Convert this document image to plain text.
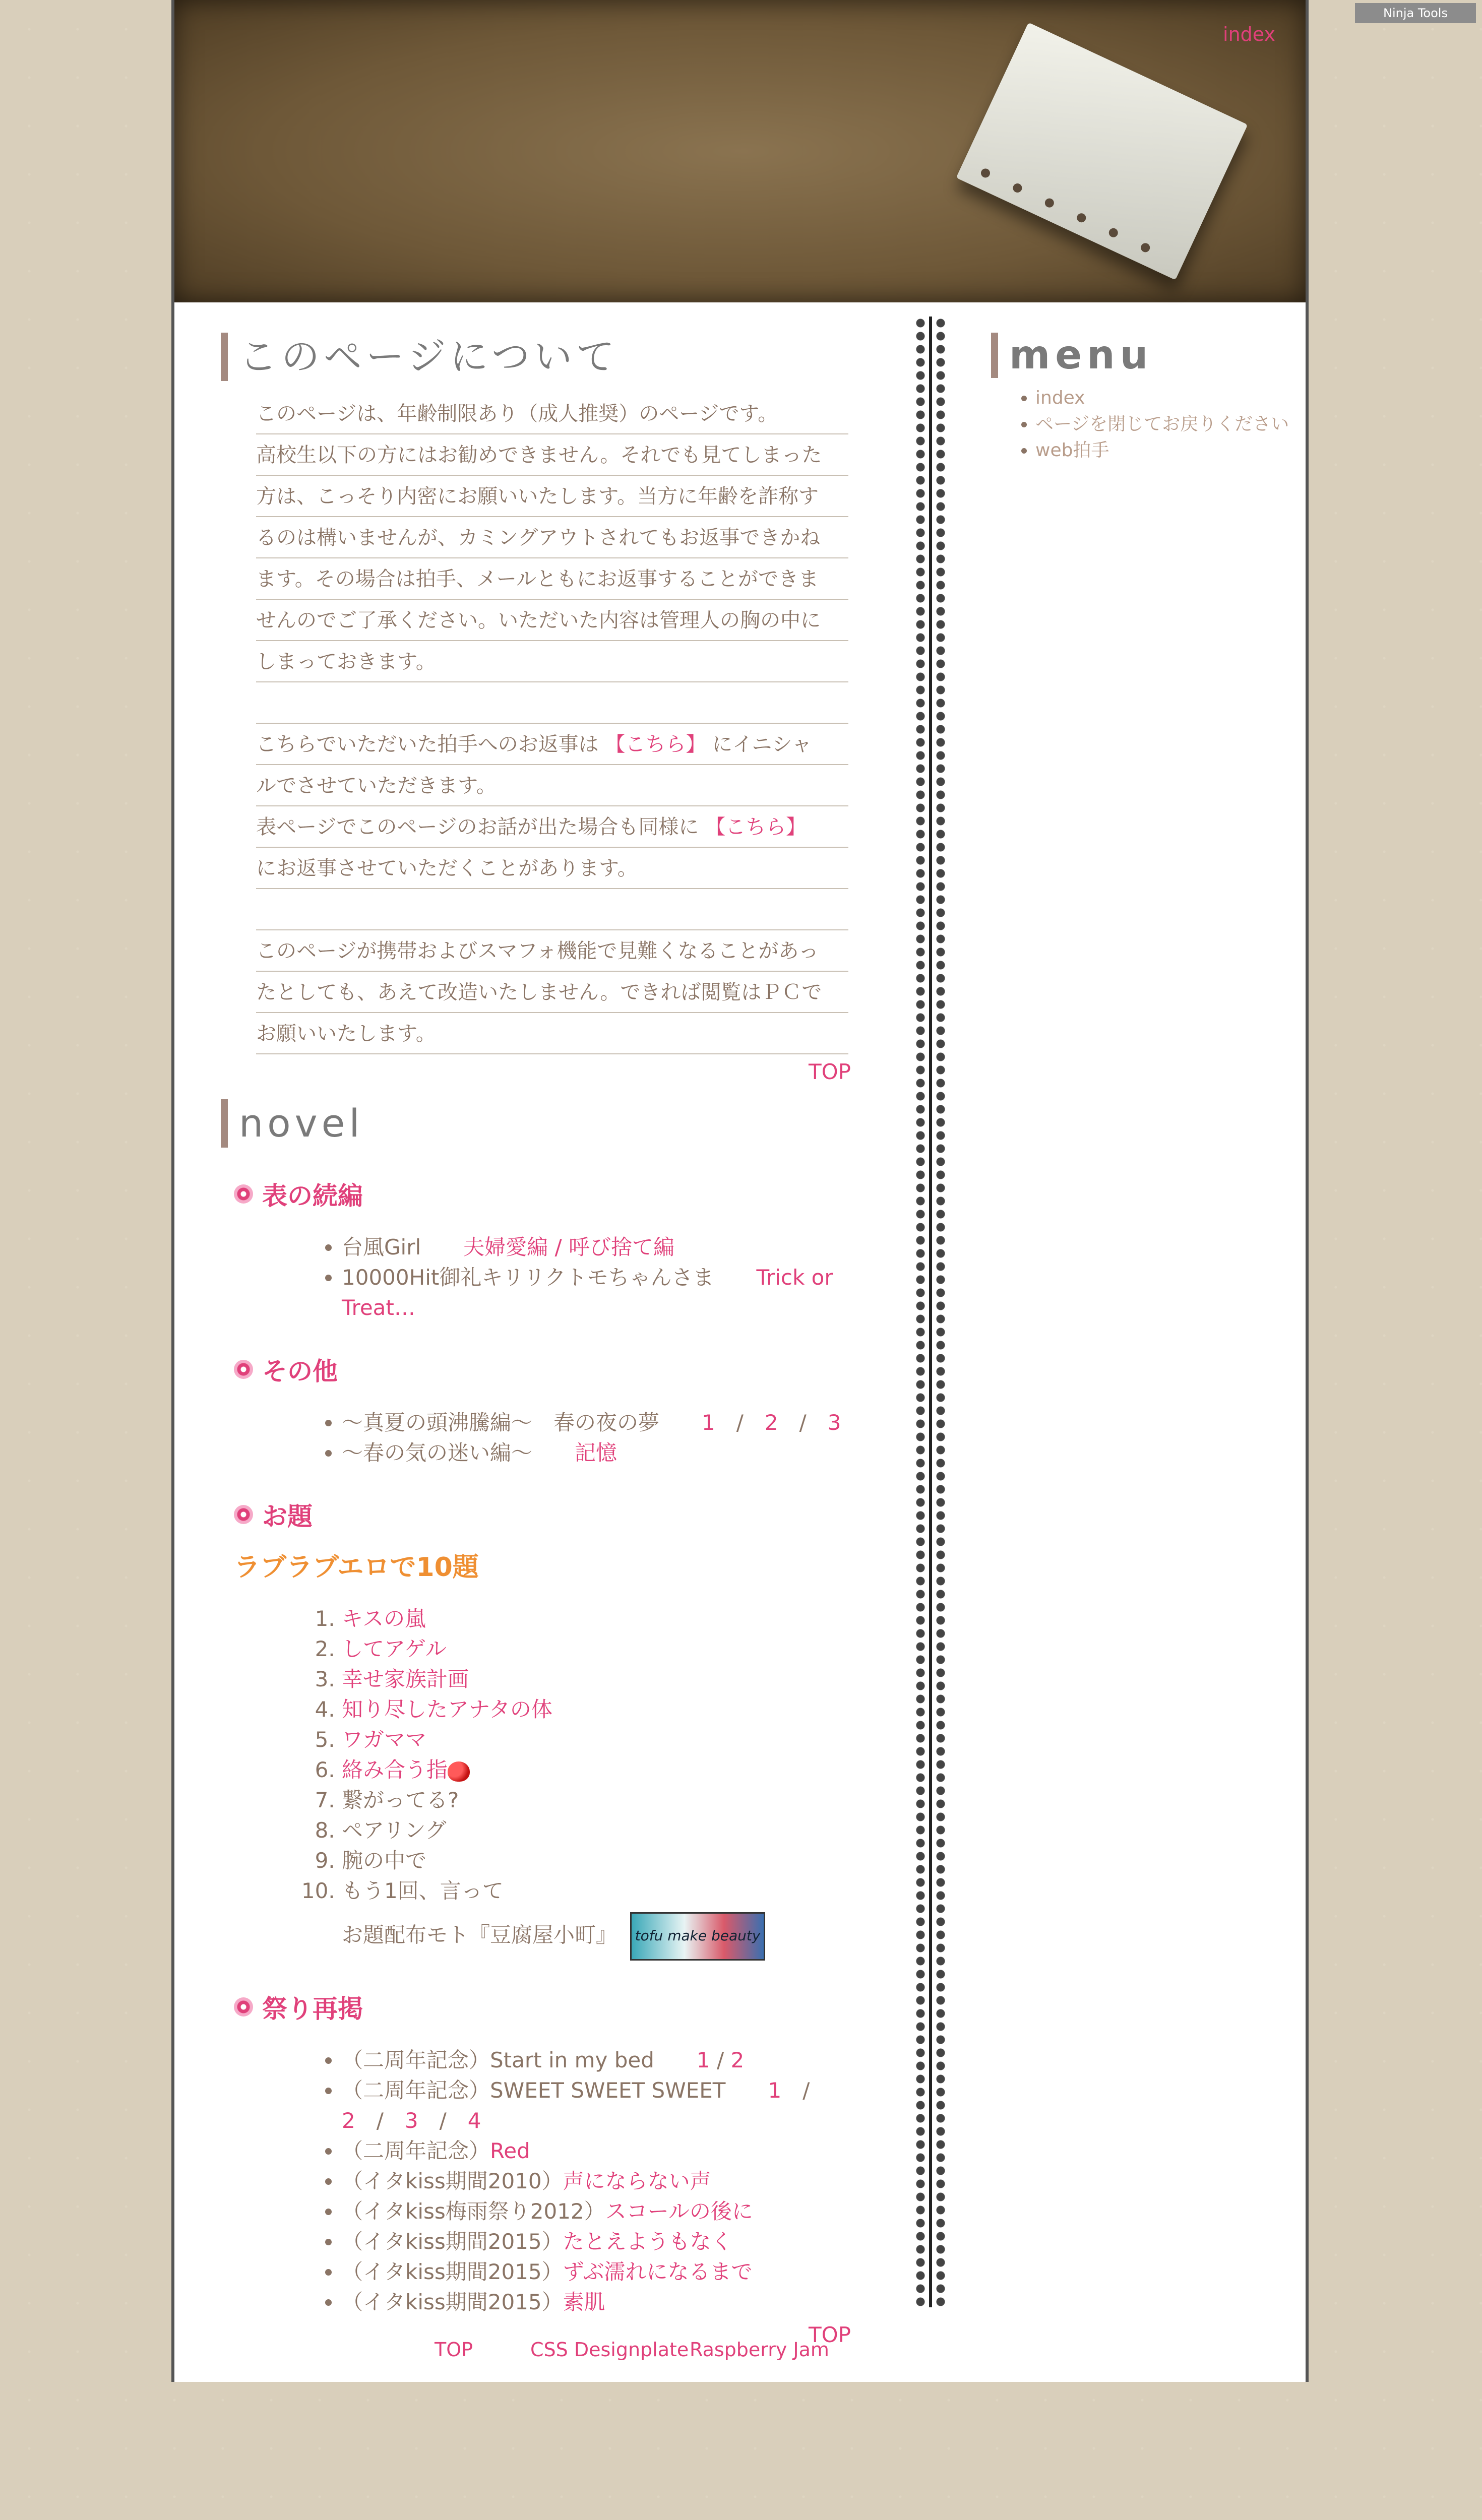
Ninja Tools
index
このページについて

このページは、年齢制限あり（成人推奨）のページです。

高校生以下の方にはお勧めできません。それでも見てしまった

方は、こっそり内密にお願いいたします。当方に年齢を詐称す

るのは構いませんが、カミングアウトされてもお返事できかね

ます。その場合は拍手、メールともにお返事することができま

せんのでご了承ください。いただいた内容は管理人の胸の中に

しまっておきます。

こちらでいただいた拍手へのお返事は 【こちら】 にイニシャ

ルでさせていただきます。

表ページでこのページのお話が出た場合も同様に 【こちら】

にお返事させていただくことがあります。

このページが携帯およびスマフォ機能で見難くなることがあっ

たとしても、あえて改造いたしません。できれば閲覧はＰＣで

お願いいたします。

TOP
novel
表の続編
• 台風Girl   夫婦愛編 / 呼び捨て編
• 10000Hit御礼キリリクトモちゃんさま   Trick or Treat…
その他
• ～真夏の頭沸騰編～　春の夜の夢   1 / 2 / 3
• ～春の気の迷い編～   記憶
お題
ラブラブエロで10題
1. キスの嵐
2. してアゲル
3. 幸せ家族計画
4. 知り尽したアナタの体
5. ワガママ
6. 絡み合う指
7. 繋がってる?
8. ペアリング
9. 腕の中で
10. もう1回、言って
お題配布モト『豆腐屋小町』 tofu make beauty
祭り再掲
• （二周年記念）Start in my bed   1 / 2
• （二周年記念）SWEET SWEET SWEET   1 / 2 / 3 / 4
• （二周年記念）Red
• （イタkiss期間2010）声にならない声
• （イタkiss梅雨祭り2012）スコールの後に
• （イタkiss期間2015）たとえようもなく
• （イタkiss期間2015）ずぶ濡れになるまで
• （イタkiss期間2015）素肌
TOP
menu
• index
• ページを閉じてお戻りください
• web拍手
TOP	CSS Designplate Raspberry Jam
